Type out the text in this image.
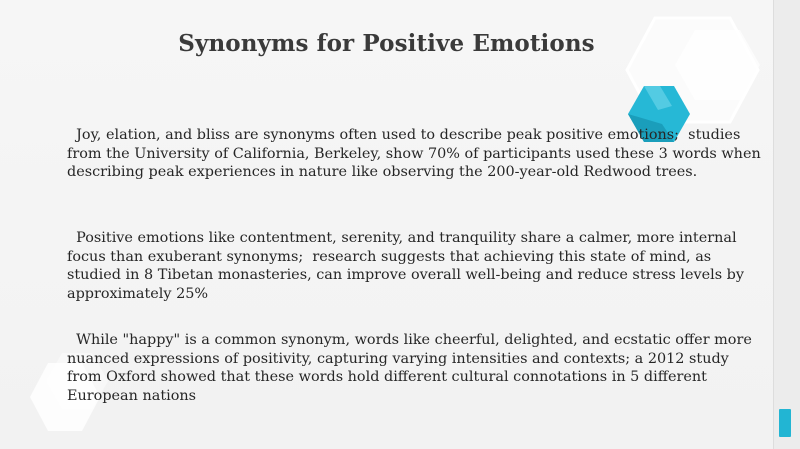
Synonyms for Positive Emotions

Joy, elation, and bliss are synonyms often used to describe peak positive emotions;  studies from the University of California, Berkeley, show 70% of participants used these 3 words when describing peak experiences in nature like observing the 200-year-old Redwood trees.

Positive emotions like contentment, serenity, and tranquility share a calmer, more internal focus than exuberant synonyms;  research suggests that achieving this state of mind, as studied in 8 Tibetan monasteries, can improve overall well-being and reduce stress levels by approximately 25%

While "happy" is a common synonym, words like cheerful, delighted, and ecstatic offer more nuanced expressions of positivity, capturing varying intensities and contexts; a 2012 study from Oxford showed that these words hold different cultural connotations in 5 different European nations
